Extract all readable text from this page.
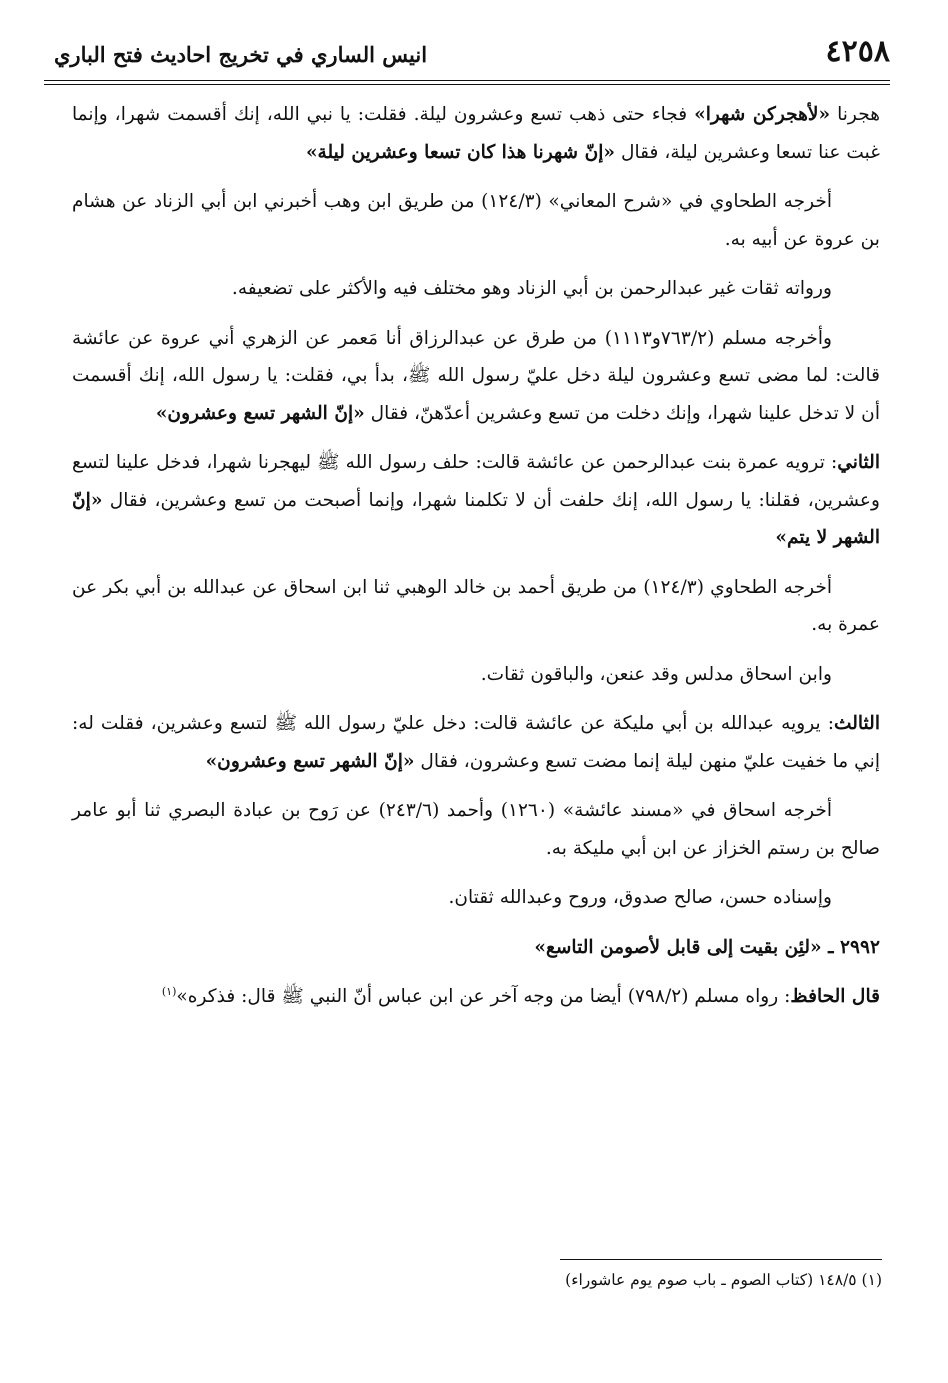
٤٢٥٨
انيس الساري في تخريج احاديث فتح الباري

هجرنا «لأهجركن شهرا» فجاء حتى ذهب تسع وعشرون ليلة. فقلت: يا نبي الله، إنك أقسمت شهرا، وإنما غبت عنا تسعا وعشرين ليلة، فقال «إنّ شهرنا هذا كان تسعا وعشرين ليلة»

أخرجه الطحاوي في «شرح المعاني» (١٢٤/٣) من طريق ابن وهب أخبرني ابن أبي الزناد عن هشام بن عروة عن أبيه به.

ورواته ثقات غير عبدالرحمن بن أبي الزناد وهو مختلف فيه والأكثر على تضعيفه.

وأخرجه مسلم (٧٦٣/٢و١١١٣) من طرق عن عبدالرزاق أنا مَعمر عن الزهري أني عروة عن عائشة قالت: لما مضى تسع وعشرون ليلة دخل عليّ رسول الله ﷺ، بدأ بي، فقلت: يا رسول الله، إنك أقسمت أن لا تدخل علينا شهرا، وإنك دخلت من تسع وعشرين أعدّهنّ، فقال «إنّ الشهر تسع وعشرون»

الثاني: ترويه عمرة بنت عبدالرحمن عن عائشة قالت: حلف رسول الله ﷺ ليهجرنا شهرا، فدخل علينا لتسع وعشرين، فقلنا: يا رسول الله، إنك حلفت أن لا تكلمنا شهرا، وإنما أصبحت من تسع وعشرين، فقال «إنّ الشهر لا يتم»

أخرجه الطحاوي (١٢٤/٣) من طريق أحمد بن خالد الوهبي ثنا ابن اسحاق عن عبدالله بن أبي بكر عن عمرة به.

وابن اسحاق مدلس وقد عنعن، والباقون ثقات.

الثالث: يرويه عبدالله بن أبي مليكة عن عائشة قالت: دخل عليّ رسول الله ﷺ لتسع وعشرين، فقلت له: إني ما خفيت عليّ منهن ليلة إنما مضت تسع وعشرون، فقال «إنّ الشهر تسع وعشرون»

أخرجه اسحاق في «مسند عائشة» (١٢٦٠) وأحمد (٢٤٣/٦) عن رَوح بن عبادة البصري ثنا أبو عامر صالح بن رستم الخزاز عن ابن أبي مليكة به.

وإسناده حسن، صالح صدوق، وروح وعبدالله ثقتان.

٢٩٩٢ ـ «لئِن بقيت إلى قابل لأصومن التاسع»

قال الحافظ: رواه مسلم (٧٩٨/٢) أيضا من وجه آخر عن ابن عباس أنّ النبي ﷺ قال: فذكره»$^{(١)}$

(١) ١٤٨/٥ (كتاب الصوم ـ باب صوم يوم عاشوراء)
